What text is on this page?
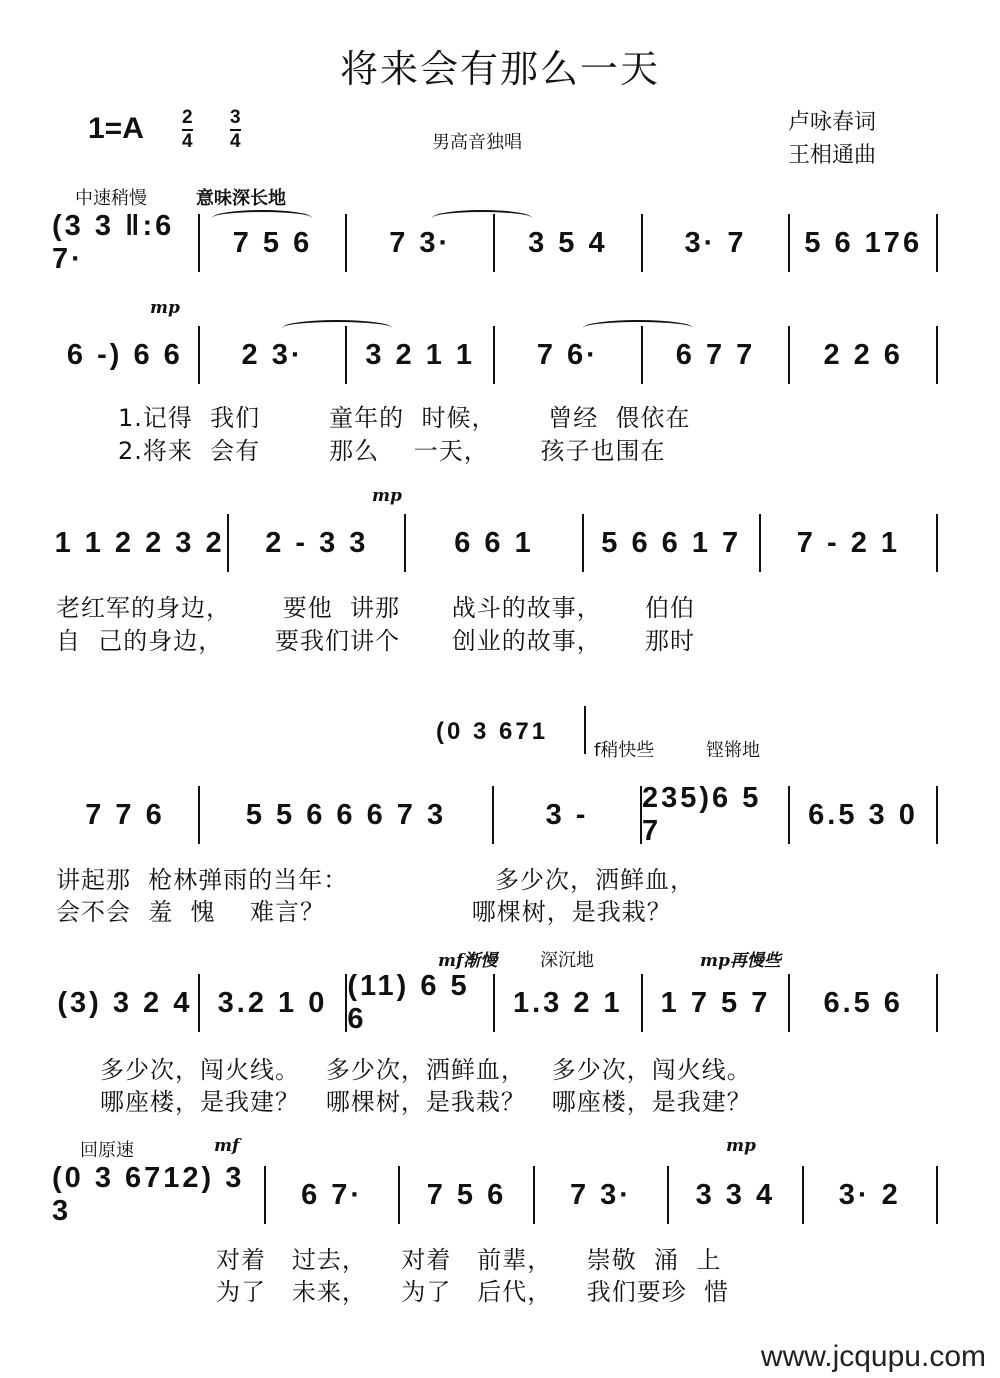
将来会有那么一天
1=A 2
4
3
4	男高音独唱
卢咏春词
王相通曲
中速稍慢	意味深长地
(3 3 ‖:6 7·
7 5 6	7 3·	3 5 4	3· 7	5 6 176
mp
6 -) 6 6	2 3·	3 2 1 1	7 6·	6 7 7	2 2 6
1.记得  我们        童年的  时候，      曾经  偎依在
2.将来  会有        那么    一天，      孩子也围在
mp
1 1 2 2 3 2	2 - 3 3	6 6 1	5 6 6 1 7	7 - 2 1
老红军的身边，      要他  讲那      战斗的故事，     伯伯
自  己的身边，      要我们讲个      创业的故事，     那时
(0 3 671
f稍快些	铿锵地
7 7 6	5 5 6 6 6 7 3	3 -
235)6 5 7
6.5 3 0
讲起那  枪林弹雨的当年：                 多少次，洒鲜血，
会不会  羞  愧    难言？                 哪棵树，是我栽？
mf渐慢 深沉地	mp再慢些
(3) 3 2 4 3.2 1 0
(11) 6 5 6
1.3 2 1	1 7 5 7	6.5 6
多少次，闯火线。   多少次，洒鲜血，   多少次，闯火线。
哪座楼，是我建？   哪棵树，是我栽？   哪座楼，是我建？
回原速	mf	mp
(0 3 6712) 3 3
6 7·	7 5 6	7 3·	3 3 4	3· 2
对着   过去，    对着   前辈，    崇敬  涌  上
为了   未来，    为了   后代，    我们要珍  惜
www.jcqupu.com
